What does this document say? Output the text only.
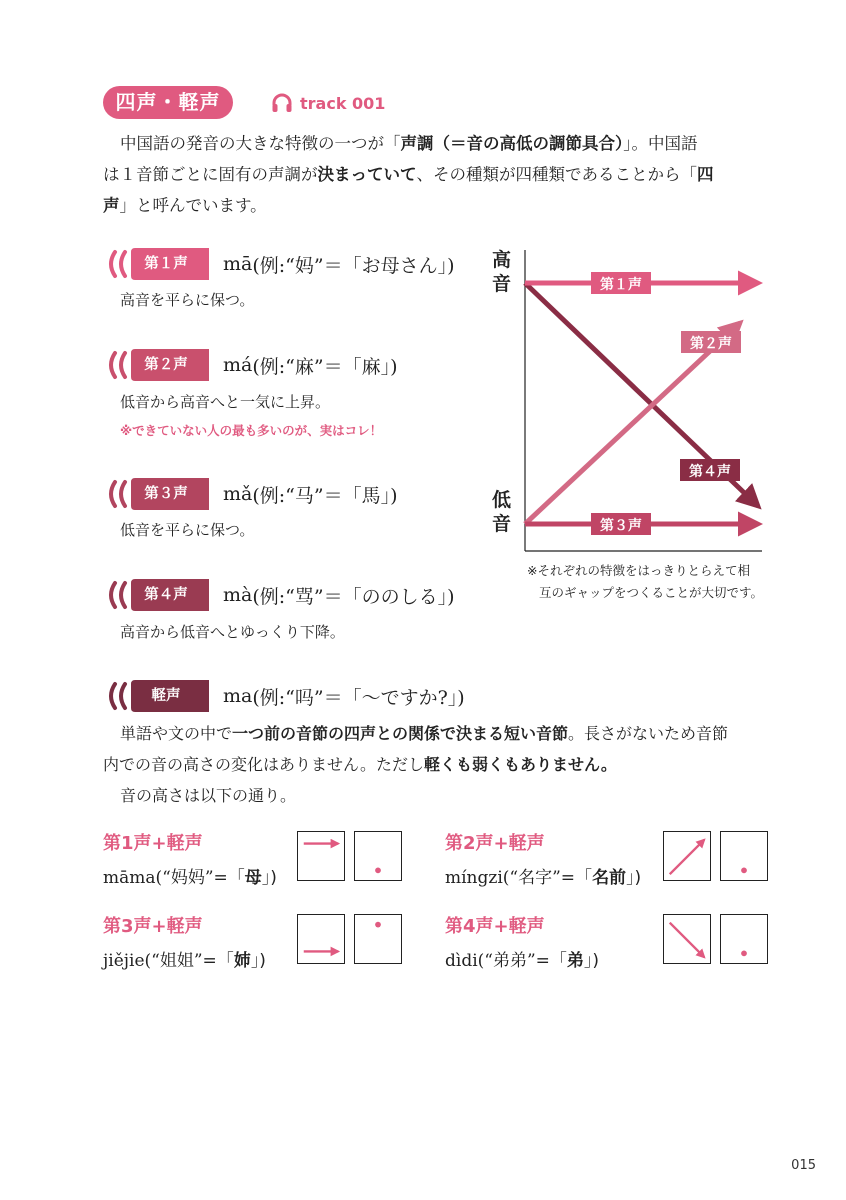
四声・軽声	track 001

中国語の発音の大きな特徴の一つが「声調（＝音の高低の調節具合）」。中国語

は１音節ごとに固有の声調が決まっていて、その種類が四種類であることから「四

声」と呼んでいます。

第１声	mā (例:“妈”＝「お母さん」)
高音を平らに保つ。
第２声	má (例:“麻”＝「麻」)
低音から高音へと一気に上昇。
※できていない人の最も多いのが、実はコレ！
第３声	mǎ (例:“马”＝「馬」)
低音を平らに保つ。
第４声	mà (例:“骂”＝「ののしる」)
高音から低音へとゆっくり下降。
軽声	ma (例:“吗”＝「～ですか?」)

単語や文の中で一つ前の音節の四声との関係で決まる短い音節。長さがないため音節

内での音の高さの変化はありません。ただし軽くも弱くもありません。

音の高さは以下の通り。

高
音
低
音
第１声
第２声
第４声
第３声
※それぞれの特徴をはっきりとらえて相
互のギャップをつくることが大切です。
第1声+軽声
māma(“妈妈”=「母」)
第2声+軽声
míngzi(“名字”=「名前」)
第3声+軽声
jiějie(“姐姐”=「姉」)
第4声+軽声
dìdi(“弟弟”=「弟」)
015
